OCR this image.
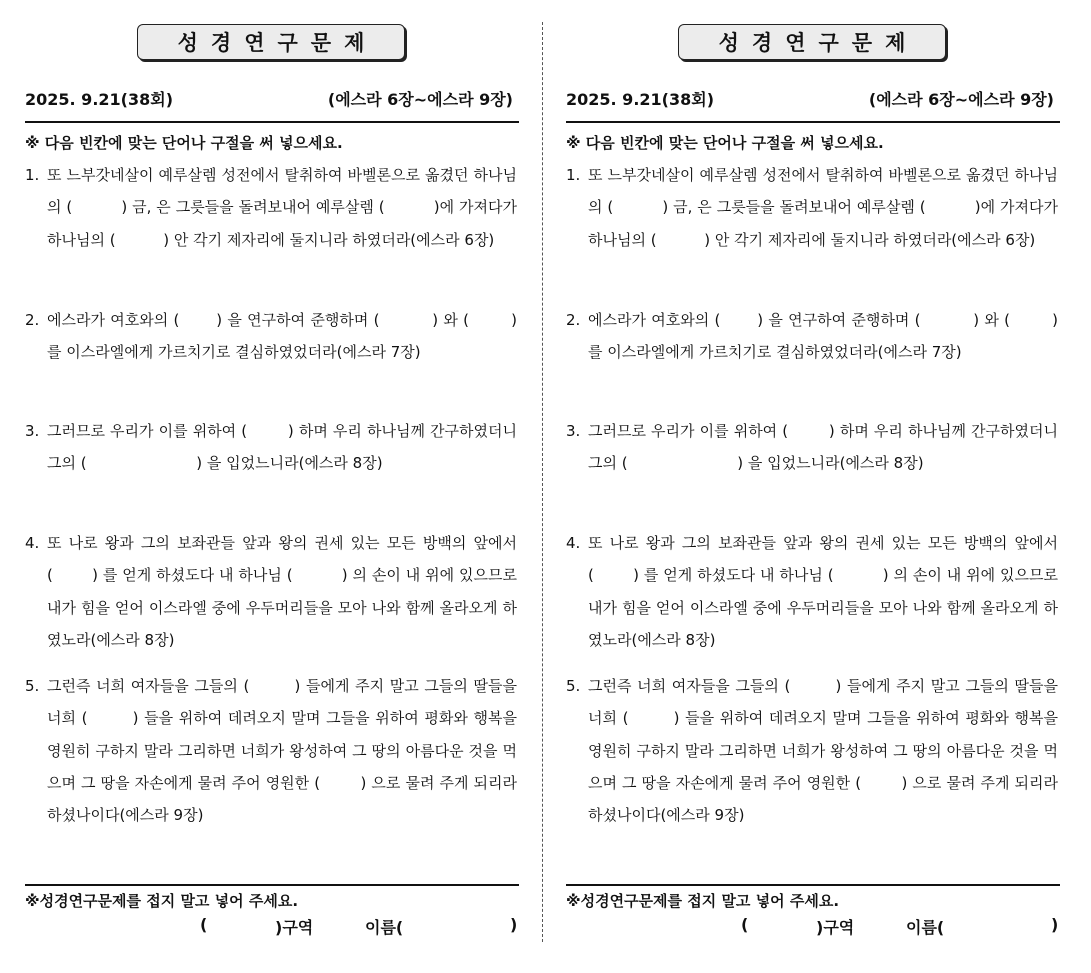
성경연구문제
2025. 9.21(38회)	(에스라 6장~에스라 9장)
※ 다음 빈칸에 맞는 단어나 구절을 써 넣으세요.
1. 또 느부갓네살이 예루살렘 성전에서 탈취하여 바벨론으로 옮겼던 하나님의 (          ) 금, 은 그릇들을 돌려보내어 예루살렘 (          )에 가져다가 하나님의 (          ) 안 각기 제자리에 둘지니라 하였더라(에스라 6장)
2. 에스라가 여호와의 (       ) 을 연구하여 준행하며 (          ) 와 (        ) 를 이스라엘에게 가르치기로 결심하였었더라(에스라 7장)
3. 그러므로 우리가 이를 위하여 (        ) 하며 우리 하나님께 간구하였더니 그의 (                       ) 을 입었느니라(에스라 8장)
4. 또 나로 왕과 그의 보좌관들 앞과 왕의 권세 있는 모든 방백의 앞에서 (        ) 를 얻게 하셨도다 내 하나님 (          ) 의 손이 내 위에 있으므로 내가 힘을 얻어 이스라엘 중에 우두머리들을 모아 나와 함께 올라오게 하였노라(에스라 8장)
5. 그런즉 너희 여자들을 그들의 (        ) 들에게 주지 말고 그들의 딸들을 너희 (        ) 들을 위하여 데려오지 말며 그들을 위하여 평화와 행복을 영원히 구하지 말라 그리하면 너희가 왕성하여 그 땅의 아름다운 것을 먹으며 그 땅을 자손에게 물려 주어 영원한 (        ) 으로 물려 주게 되리라 하셨나이다(에스라 9장)
※성경연구문제를 접지 말고 넣어 주세요.
(	)구역	이름(	)
성경연구문제
2025. 9.21(38회)	(에스라 6장~에스라 9장)
※ 다음 빈칸에 맞는 단어나 구절을 써 넣으세요.
1. 또 느부갓네살이 예루살렘 성전에서 탈취하여 바벨론으로 옮겼던 하나님의 (          ) 금, 은 그릇들을 돌려보내어 예루살렘 (          )에 가져다가 하나님의 (          ) 안 각기 제자리에 둘지니라 하였더라(에스라 6장)
2. 에스라가 여호와의 (       ) 을 연구하여 준행하며 (          ) 와 (        ) 를 이스라엘에게 가르치기로 결심하였었더라(에스라 7장)
3. 그러므로 우리가 이를 위하여 (        ) 하며 우리 하나님께 간구하였더니 그의 (                       ) 을 입었느니라(에스라 8장)
4. 또 나로 왕과 그의 보좌관들 앞과 왕의 권세 있는 모든 방백의 앞에서 (        ) 를 얻게 하셨도다 내 하나님 (          ) 의 손이 내 위에 있으므로 내가 힘을 얻어 이스라엘 중에 우두머리들을 모아 나와 함께 올라오게 하였노라(에스라 8장)
5. 그런즉 너희 여자들을 그들의 (        ) 들에게 주지 말고 그들의 딸들을 너희 (        ) 들을 위하여 데려오지 말며 그들을 위하여 평화와 행복을 영원히 구하지 말라 그리하면 너희가 왕성하여 그 땅의 아름다운 것을 먹으며 그 땅을 자손에게 물려 주어 영원한 (        ) 으로 물려 주게 되리라 하셨나이다(에스라 9장)
※성경연구문제를 접지 말고 넣어 주세요.
(	)구역	이름(	)
